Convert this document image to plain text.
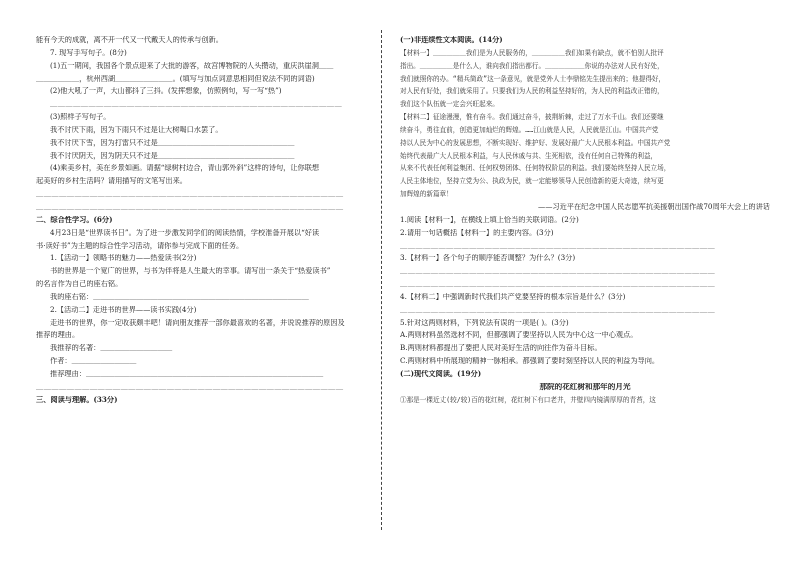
能有今天的成就，离不开一代又一代戴天人的传承与创新。
7. 现写手写句子。(8分)
(1)五一期间，我国各个景点迎来了大批的游客，故宫博物院的人头攒动，重庆洪崖洞＿＿
＿＿＿＿＿＿，杭州西湖＿＿＿＿＿＿＿＿。(填写与加点词意思相同但说法不同的词语)
(2)他大吼了一声，大山都抖了三抖。(发挥想象，仿照例句，写一写“热”)
＿＿＿＿＿＿＿＿＿＿＿＿＿＿＿＿＿＿＿＿＿＿＿＿＿＿＿＿＿＿＿＿＿＿＿＿＿＿
(3)照样子写句子。
我不讨厌下雨，因为下雨只不过是让大树喝口水罢了。
我不讨厌下雪，因为打雷只不过是＿＿＿＿＿＿＿＿＿＿＿＿＿＿＿＿＿＿＿
我不讨厌阴天，因为阴天只不过是＿＿＿＿＿＿＿＿＿＿＿＿＿＿＿＿＿＿＿
(4)乘美乡村，美在乡景如画。请据“绿树村边合，青山郭外斜”这样的诗句，让你联想
起美好的乡村生活吗？请用描写的文笔写出来。
＿＿＿＿＿＿＿＿＿＿＿＿＿＿＿＿＿＿＿＿＿＿＿＿＿＿＿＿＿＿＿＿＿＿＿＿＿＿＿＿
＿＿＿＿＿＿＿＿＿＿＿＿＿＿＿＿＿＿＿＿＿＿＿＿＿＿＿＿＿＿＿＿＿＿＿＿＿＿＿＿
二、综合性学习。(6分)
4月23日是“世界读书日”。为了进一步激发同学们的阅读热情，学校准备开展以“好读
书·读好书”为主题的综合性学习活动，请你参与完成下面的任务。
1.【活动一】领略书的魅力——热爱读书(2分)
书的世界是一个宽广的世界，与书为伴将是人生最大的幸事。请写出一条关于“热爱读书”
的名言作为自己的座右铭。
我的座右铭：＿＿＿＿＿＿＿＿＿＿＿＿＿＿＿＿＿＿＿＿＿＿＿＿＿＿＿＿＿＿
2.【活动二】走进书的世界——读书实践(4分)
走进书的世界，你一定收获颇丰吧！请向朋友推荐一部你最喜欢的名著，并说说推荐的原因及
推荐的理由。
我推荐的名著：＿＿＿＿＿＿＿＿＿＿
作者：＿＿＿＿＿＿＿＿＿
推荐理由：＿＿＿＿＿＿＿＿＿＿＿＿＿＿＿＿＿＿＿＿＿＿＿＿＿＿＿＿＿＿＿＿＿
＿＿＿＿＿＿＿＿＿＿＿＿＿＿＿＿＿＿＿＿＿＿＿＿＿＿＿＿＿＿＿＿＿＿＿＿＿＿＿＿
三、阅读与理解。(33分)
(一)非连续性文本阅读。(14分)
【材料一】＿＿＿＿＿我们是为人民服务的，＿＿＿＿＿我们如果有缺点，就不怕别人批评
指出。＿＿＿＿＿是什么人，谁向我们指出都行。＿＿＿＿＿＿你说的办法对人民有好处，
我们就照你的办。“精兵简政”这一条意见，就是党外人士李鼎铭先生提出来的；他提得好，
对人民有好处，我们就采用了。只要我们为人民的利益坚持好的，为人民的利益改正错的，
我们这个队伍就一定会兴旺起来。
【材料二】征途漫漫，惟有奋斗。我们通过奋斗，披荆斩棘，走过了万水千山。我们还要继
续奋斗，勇往直前，创造更加灿烂的辉煌。……江山就是人民，人民就是江山。中国共产党
持以人民为中心的发展思想，不断实现好、维护好、发展好最广大人民根本利益。中国共产党
始终代表最广大人民根本利益，与人民休戚与共、生死相依，没有任何自己特殊的利益，
从来不代表任何利益集团、任何权势团体、任何特权阶层的利益。我们要始终坚持人民立场，
人民主体地位，坚持立党为公、执政为民，就一定能够领导人民创造新的更大奇迹，续写更
加辉煌的新篇章！
——习近平在纪念中国人民志愿军抗美援朝出国作战70周年大会上的讲话
1.阅读【材料一】，在横线上填上恰当的关联词语。(2分)
2.请用一句话概括【材料一】的主要内容。(3分)
＿＿＿＿＿＿＿＿＿＿＿＿＿＿＿＿＿＿＿＿＿＿＿＿＿＿＿＿＿＿＿＿＿＿＿＿＿＿＿＿＿
3.【材料一】各个句子的顺序能否调整？为什么？(3分)
＿＿＿＿＿＿＿＿＿＿＿＿＿＿＿＿＿＿＿＿＿＿＿＿＿＿＿＿＿＿＿＿＿＿＿＿＿＿＿＿＿
＿＿＿＿＿＿＿＿＿＿＿＿＿＿＿＿＿＿＿＿＿＿＿＿＿＿＿＿＿＿＿＿＿＿＿＿＿＿＿＿＿
4.【材料二】中强调新时代我们共产党要坚持的根本宗旨是什么？(3分)
＿＿＿＿＿＿＿＿＿＿＿＿＿＿＿＿＿＿＿＿＿＿＿＿＿＿＿＿＿＿＿＿＿＿＿＿＿＿＿＿＿
5.针对这两则材料，下列说法有误的一项是( )。(3分)
A.两则材料虽然选材不同，但都强调了要坚持以人民为中心这一中心观点。
B.两则材料都提出了要把人民对美好生活的向往作为奋斗目标。
C.两则材料中所展现的精神一脉相承。都强调了要时刻坚持以人民的利益为导向。
(二)现代文阅读。(19分)
那院的花红树和那年的月光
①那是一棵近丈(较/较)百的花红树，花红树下有口老井，井壁四内镜满厚厚的青苔，这
